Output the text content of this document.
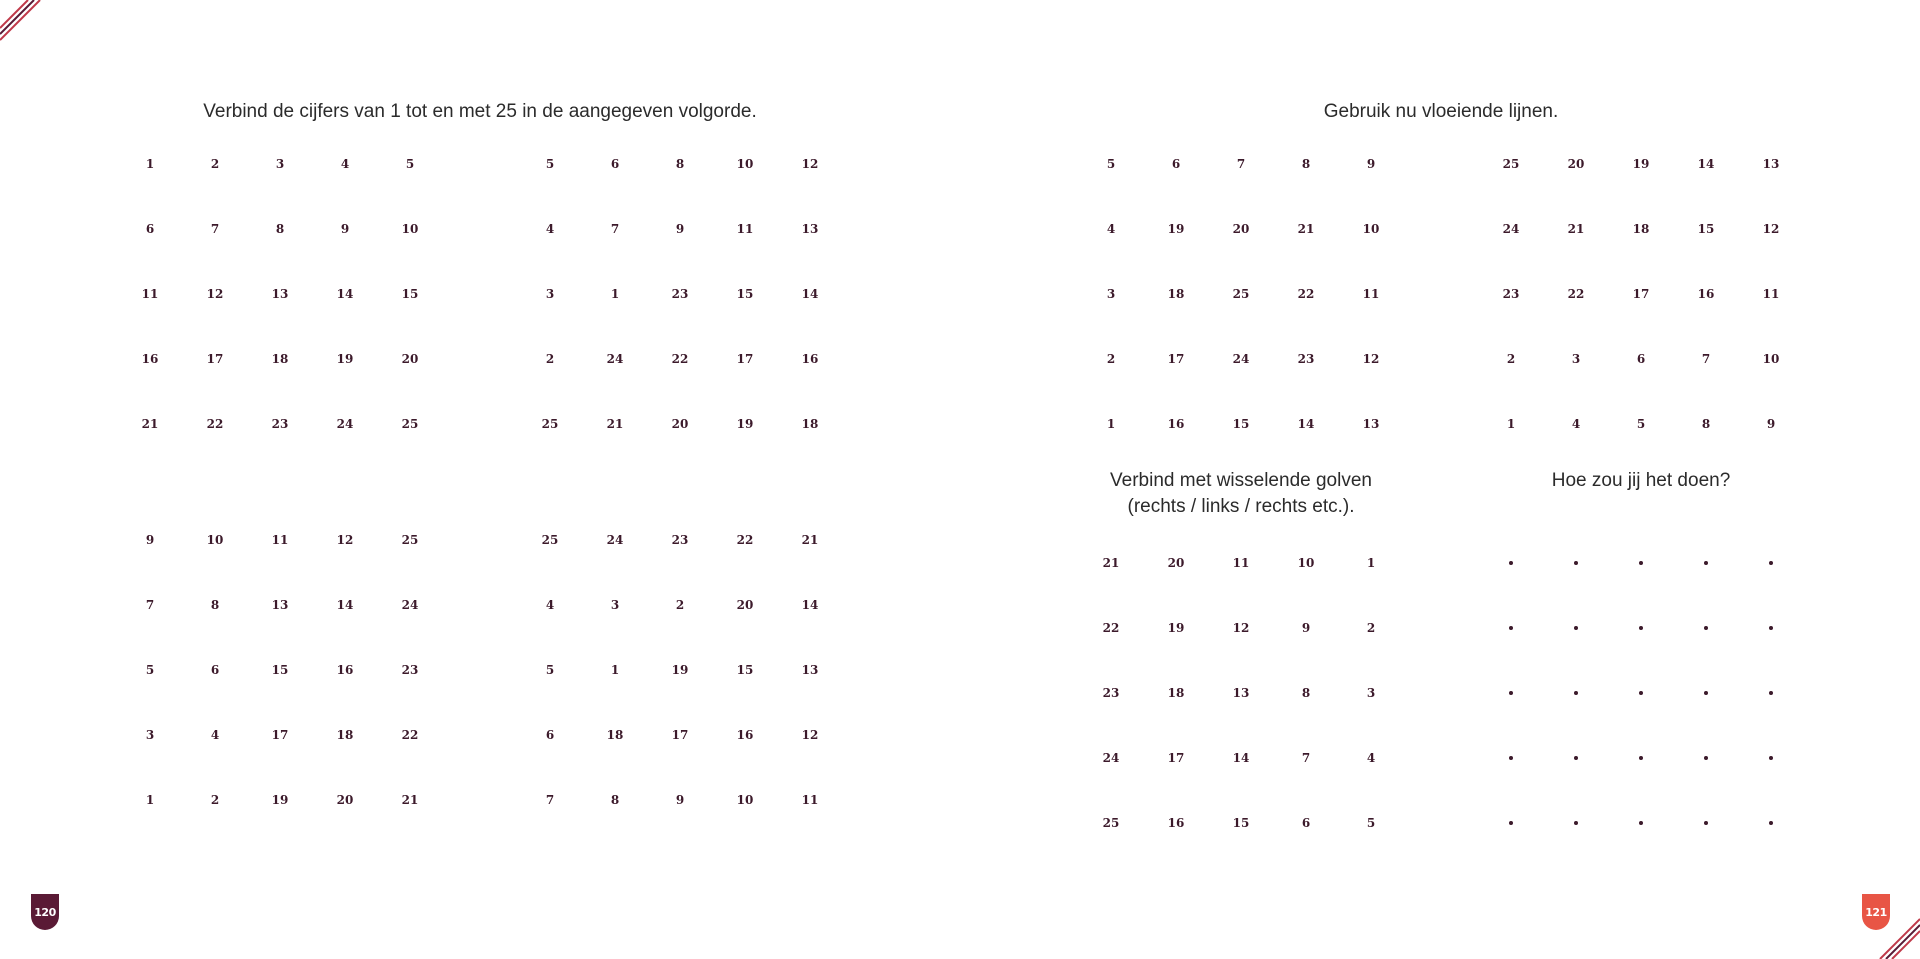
Verbind de cijfers van 1 tot en met 25 in de aangegeven volgorde.	Gebruik nu vloeiende lijnen.
Verbind met wisselende golven
(rechts / links / rechts etc.).
Hoe zou jij het doen?
1	2	3	4	5
6	7	8	9	10
11	12	13	14	15
16	17	18	19	20
21	22	23	24	25
5	6	8	10	12
4	7	9	11	13
3	1	23	15	14
2	24	22	17	16
25	21	20	19	18
9	10	11	12	25
7	8	13	14	24
5	6	15	16	23
3	4	17	18	22
1	2	19	20	21
25	24	23	22	21
4	3	2	20	14
5	1	19	15	13
6	18	17	16	12
7	8	9	10	11
5	6	7	8	9
4	19	20	21	10
3	18	25	22	11
2	17	24	23	12
1	16	15	14	13
25	20	19	14	13
24	21	18	15	12
23	22	17	16	11
2	3	6	7	10
1	4	5	8	9
21	20	11	10	1
22	19	12	9	2
23	18	13	8	3
24	17	14	7	4
25	16	15	6	5
120	121
